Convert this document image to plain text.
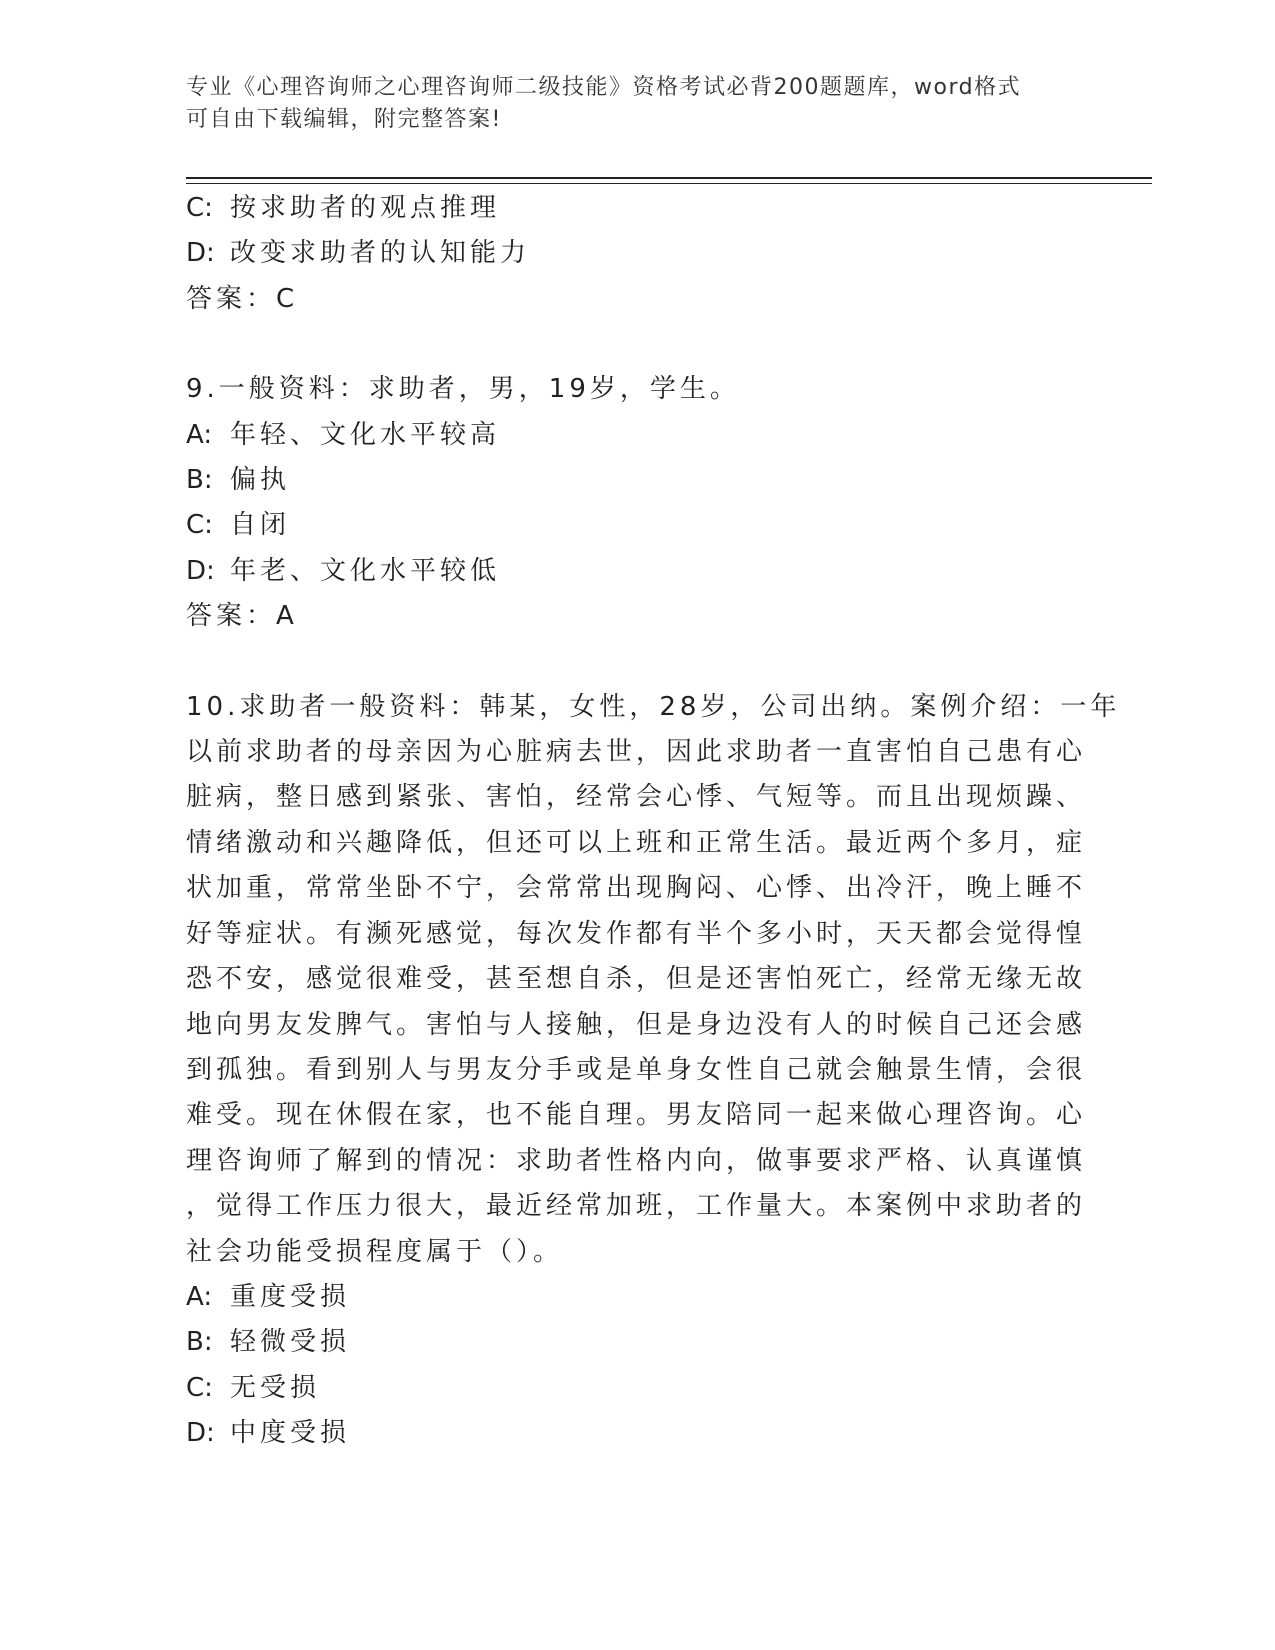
专业《心理咨询师之心理咨询师二级技能》资格考试必背200题题库，word格式
可自由下载编辑，附完整答案!
C: 按求助者的观点推理
D: 改变求助者的认知能力
答案：C
9.一般资料：求助者，男，19岁，学生。
A: 年轻、文化水平较高
B: 偏执
C: 自闭
D: 年老、文化水平较低
答案：A
10.求助者一般资料：韩某，女性，28岁，公司出纳。案例介绍：一年
以前求助者的母亲因为心脏病去世，因此求助者一直害怕自己患有心
脏病，整日感到紧张、害怕，经常会心悸、气短等。而且出现烦躁、
情绪激动和兴趣降低，但还可以上班和正常生活。最近两个多月，症
状加重，常常坐卧不宁，会常常出现胸闷、心悸、出冷汗，晚上睡不
好等症状。有濒死感觉，每次发作都有半个多小时，天天都会觉得惶
恐不安，感觉很难受，甚至想自杀，但是还害怕死亡，经常无缘无故
地向男友发脾气。害怕与人接触，但是身边没有人的时候自己还会感
到孤独。看到别人与男友分手或是单身女性自己就会触景生情，会很
难受。现在休假在家，也不能自理。男友陪同一起来做心理咨询。心
理咨询师了解到的情况：求助者性格内向，做事要求严格、认真谨慎
，觉得工作压力很大，最近经常加班，工作量大。本案例中求助者的
社会功能受损程度属于（）。
A: 重度受损
B: 轻微受损
C: 无受损
D: 中度受损
